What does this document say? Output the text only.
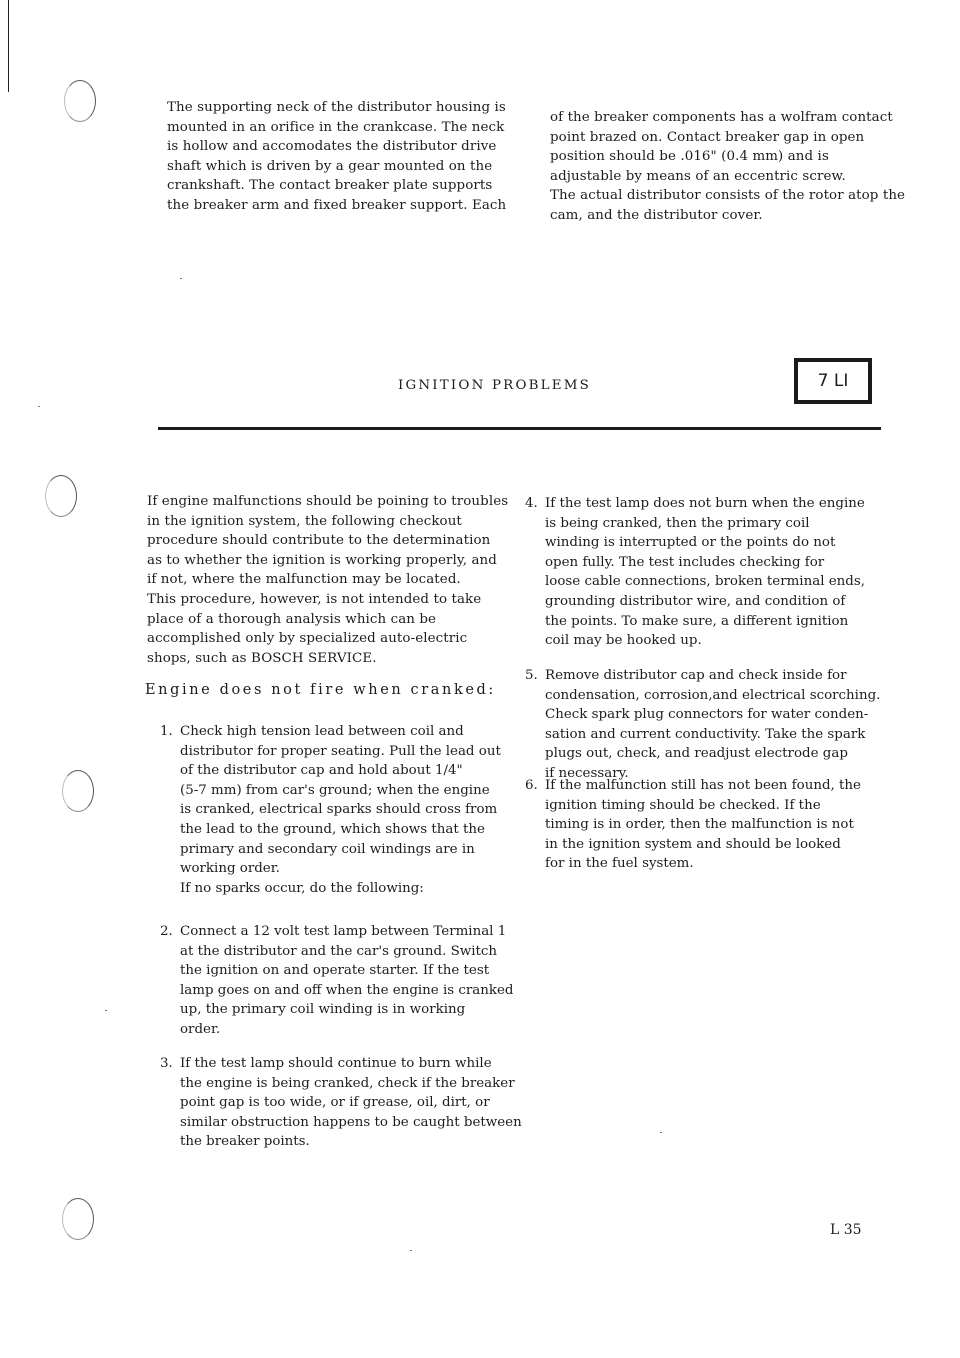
The supporting neck of the distributor housing is
mounted in an orifice in the crankcase. The neck
is hollow and accomodates the distributor drive
shaft which is driven by a gear mounted on the
crankshaft. The contact breaker plate supports
the breaker arm and fixed breaker support. Each
of the breaker components has a wolfram contact
point brazed on. Contact breaker gap in open
position should be .016" (0.4 mm) and is
adjustable by means of an eccentric screw.
The actual distributor consists of the rotor atop the
cam, and the distributor cover.
IGNITION PROBLEMS	7 LI
If engine malfunctions should be poining to troubles
in the ignition system, the following checkout
procedure should contribute to the determination
as to whether the ignition is working properly, and
if not, where the malfunction may be located.
This procedure, however, is not intended to take
place of a thorough analysis which can be
accomplished only by specialized auto-electric
shops, such as BOSCH SERVICE.
Engine does not fire when cranked:
1. Check high tension lead between coil and
distributor for proper seating. Pull the lead out
of the distributor cap and hold about 1/4"
(5-7 mm) from car's ground; when the engine
is cranked, electrical sparks should cross from
the lead to the ground, which shows that the
primary and secondary coil windings are in
working order.
If no sparks occur, do the following:
2. Connect a 12 volt test lamp between Terminal 1
at the distributor and the car's ground. Switch
the ignition on and operate starter. If the test
lamp goes on and off when the engine is cranked
up, the primary coil winding is in working
order.
3. If the test lamp should continue to burn while
the engine is being cranked, check if the breaker
point gap is too wide, or if grease, oil, dirt, or
similar obstruction happens to be caught between
the breaker points.
4. If the test lamp does not burn when the engine
is being cranked, then the primary coil
winding is interrupted or the points do not
open fully. The test includes checking for
loose cable connections, broken terminal ends,
grounding distributor wire, and condition of
the points. To make sure, a different ignition
coil may be hooked up.
5. Remove distributor cap and check inside for
condensation, corrosion,and electrical scorching.
Check spark plug connectors for water conden-
sation and current conductivity. Take the spark
plugs out, check, and readjust electrode gap
if necessary.
6. If the malfunction still has not been found, the
ignition timing should be checked. If the
timing is in order, then the malfunction is not
in the ignition system and should be looked
for in the fuel system.
L 35
